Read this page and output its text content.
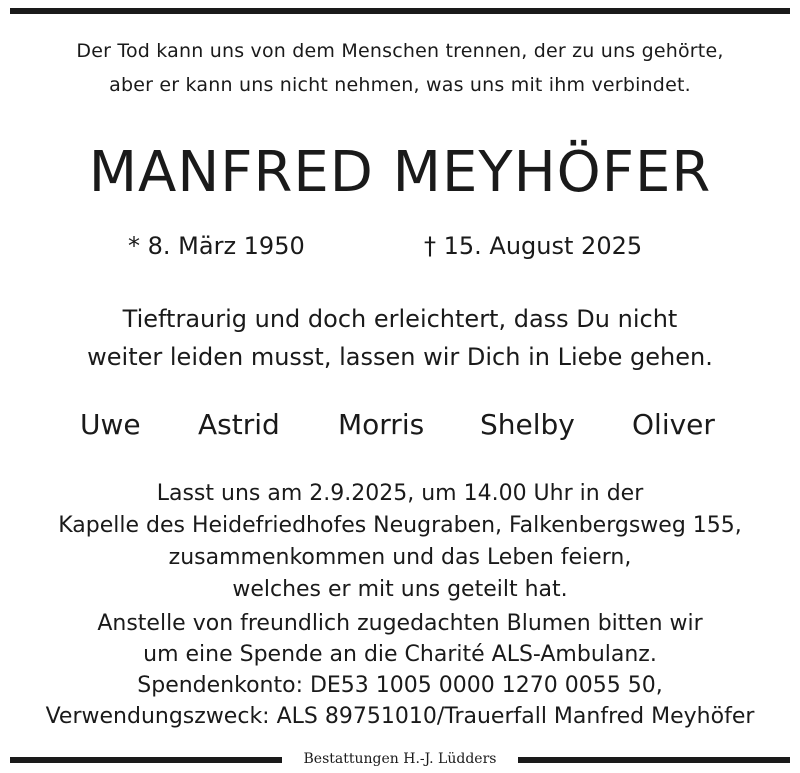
Der Tod kann uns von dem Menschen trennen, der zu uns gehörte,
aber er kann uns nicht nehmen, was uns mit ihm verbindet.
MANFRED MEYHÖFER
* 8. März 1950	† 15. August 2025
Tieftraurig und doch erleichtert, dass Du nicht
weiter leiden musst, lassen wir Dich in Liebe gehen.
Uwe Astrid Morris Shelby Oliver
Lasst uns am 2.9.2025, um 14.00 Uhr in der
Kapelle des Heidefriedhofes Neugraben, Falkenbergsweg 155,
zusammenkommen und das Leben feiern,
welches er mit uns geteilt hat.
Anstelle von freundlich zugedachten Blumen bitten wir
um eine Spende an die Charité ALS-Ambulanz.
Spendenkonto: DE53 1005 0000 1270 0055 50,
Verwendungszweck: ALS 89751010/Trauerfall Manfred Meyhöfer
Bestattungen H.-J. Lüdders
